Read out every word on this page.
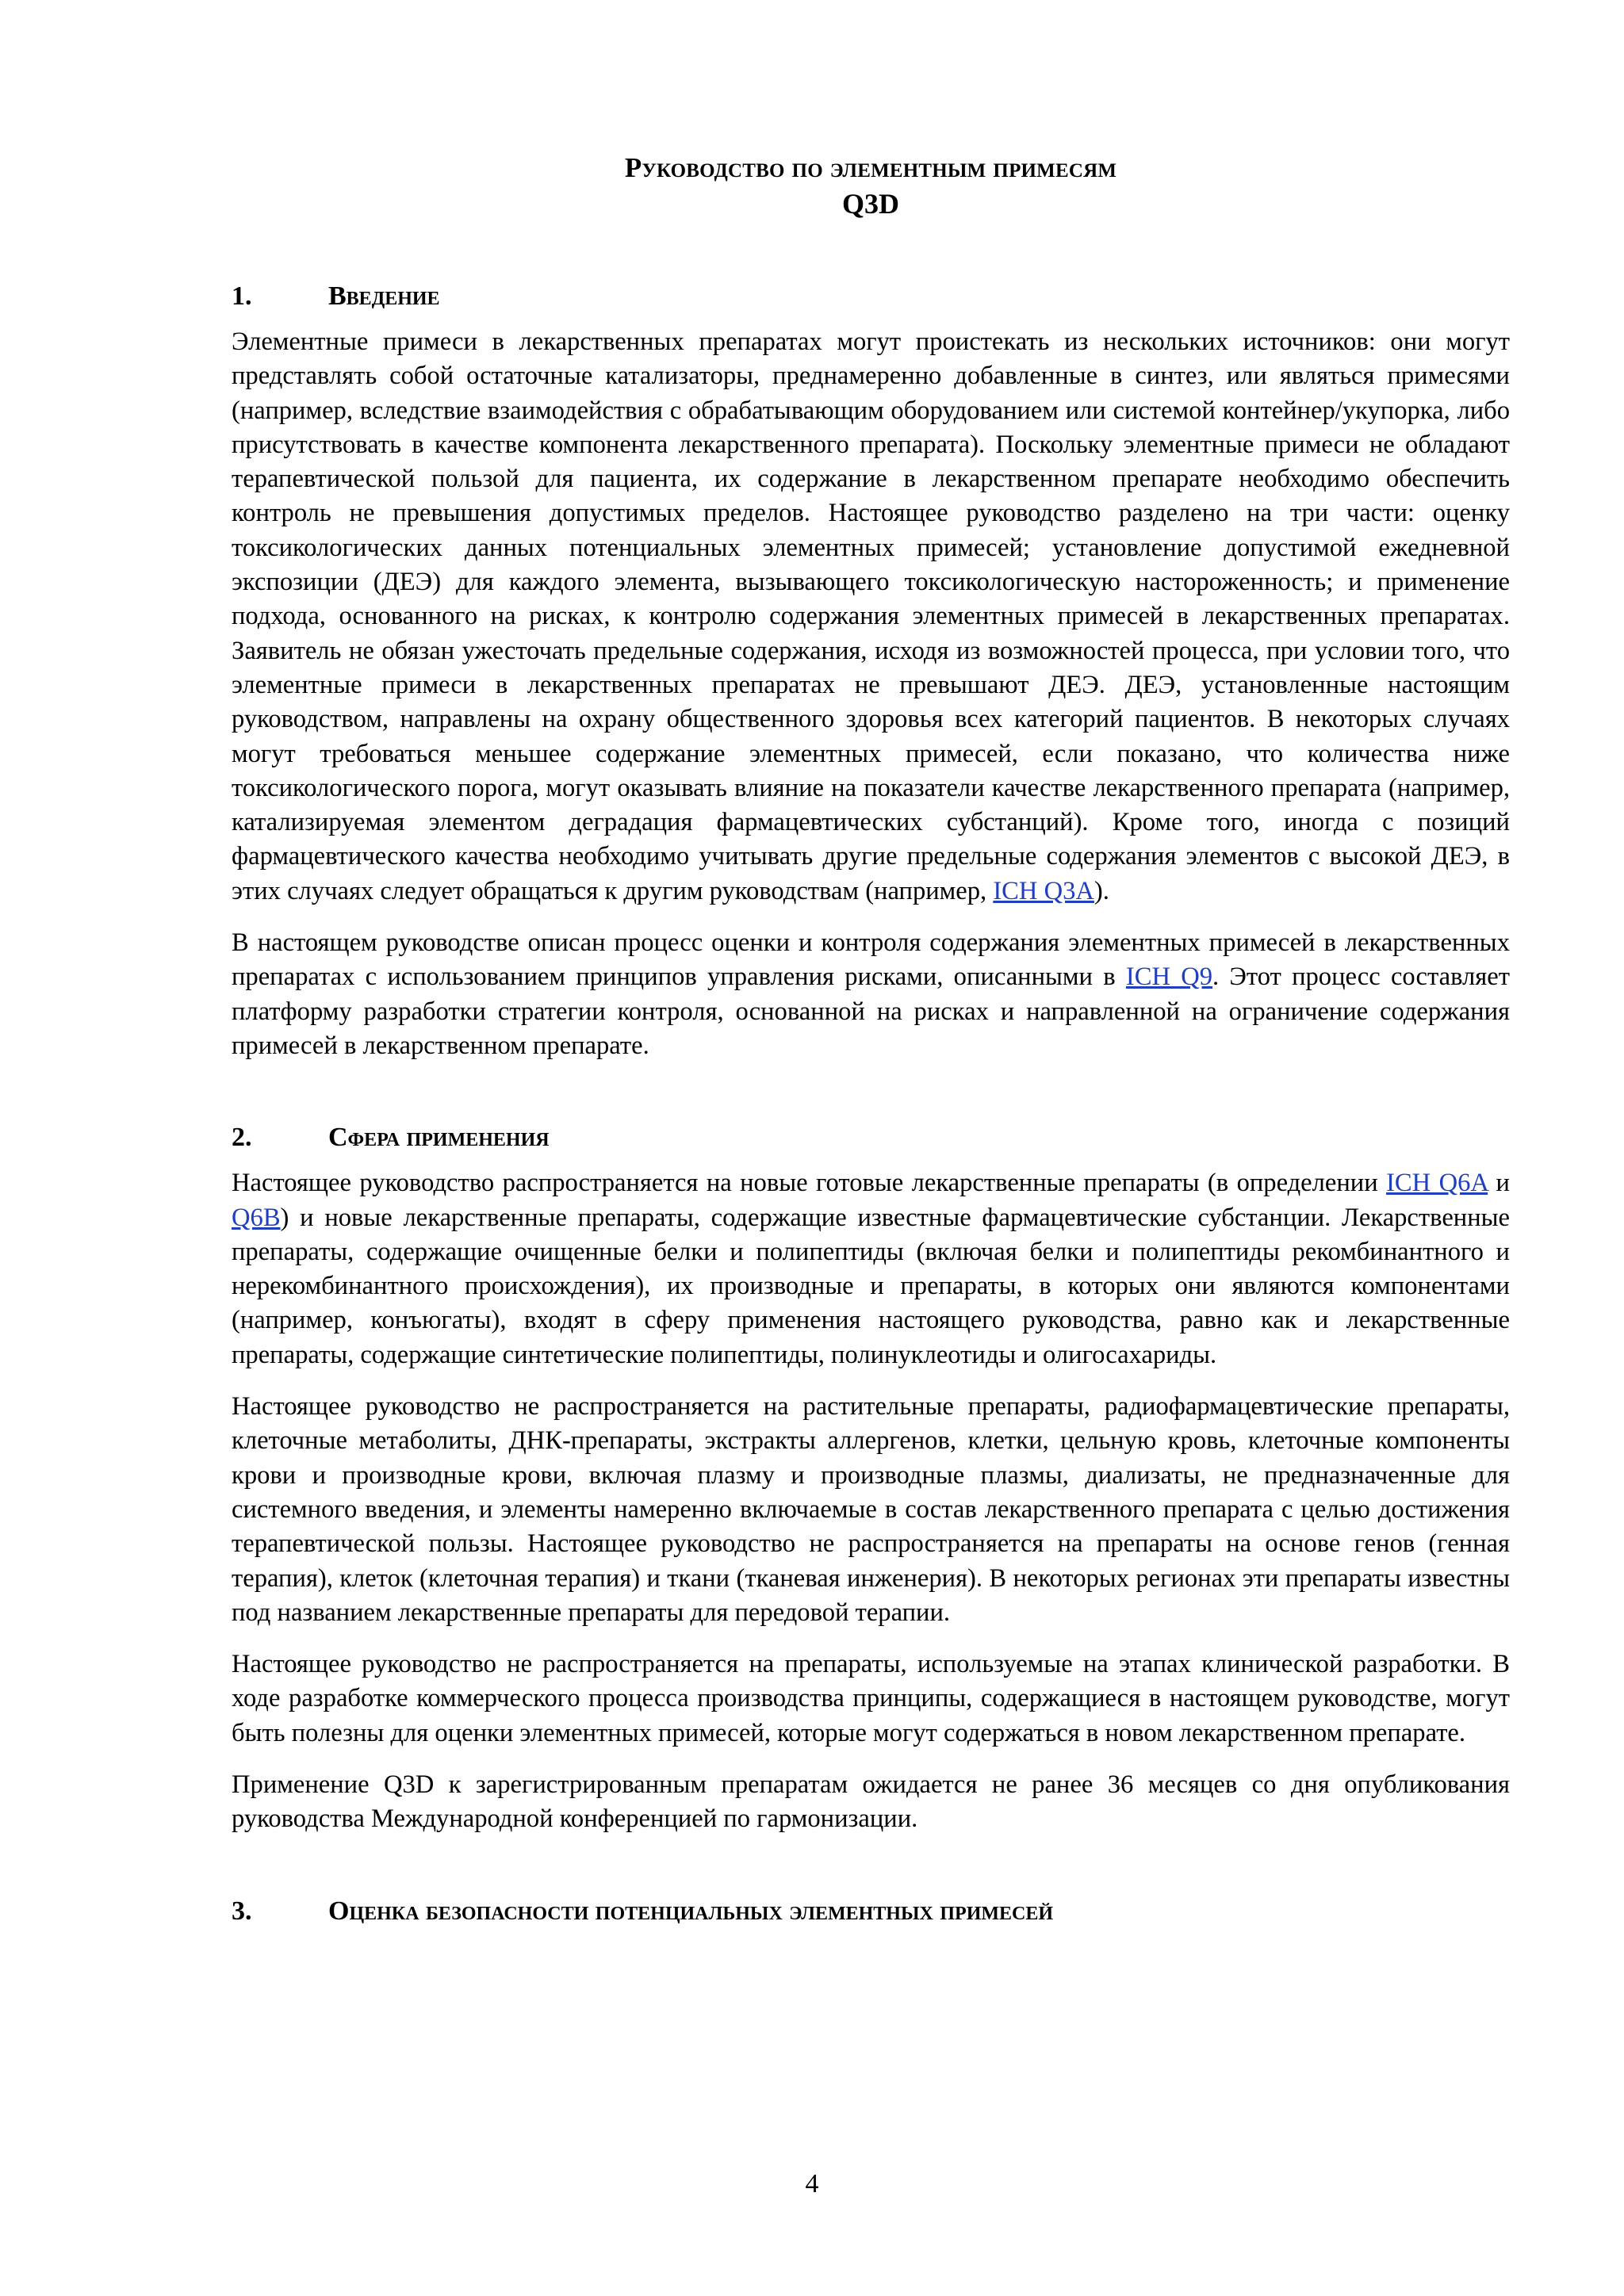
Руководство по элементным примесям
Q3D
1.	Введение

Элементные примеси в лекарственных препаратах могут проистекать из нескольких источников: они могут представлять собой остаточные катализаторы, преднамеренно добавленные в синтез, или являться примесями (например, вследствие взаимодействия с обрабатывающим оборудованием или системой контейнер/укупорка, либо присутствовать в качестве компонента лекарственного препарата). Поскольку элементные примеси не обладают терапевтической пользой для пациента, их содержание в лекарственном препарате необходимо обеспечить контроль не превышения допустимых пределов. Настоящее руководство разделено на три части: оценку токсикологических данных потенциальных элементных примесей; установление допустимой ежедневной экспозиции (ДЕЭ) для каждого элемента, вызывающего токсикологическую настороженность; и применение подхода, основанного на рисках, к контролю содержания элементных примесей в лекарственных препаратах. Заявитель не обязан ужесточать предельные содержания, исходя из возможностей процесса, при условии того, что элементные примеси в лекарственных препаратах не превышают ДЕЭ. ДЕЭ, установленные настоящим руководством, направлены на охрану общественного здоровья всех категорий пациентов. В некоторых случаях могут требоваться меньшее содержание элементных примесей, если показано, что количества ниже токсикологического порога, могут оказывать влияние на показатели качестве лекарственного препарата (например, катализируемая элементом деградация фармацевтических субстанций). Кроме того, иногда с позиций фармацевтического качества необходимо учитывать другие предельные содержания элементов с высокой ДЕЭ, в этих случаях следует обращаться к другим руководствам (например, ICH Q3A).

В настоящем руководстве описан процесс оценки и контроля содержания элементных примесей в лекарственных препаратах с использованием принципов управления рисками, описанными в ICH Q9. Этот процесс составляет платформу разработки стратегии контроля, основанной на рисках и направленной на ограничение содержания примесей в лекарственном препарате.

2.	Сфера применения

Настоящее руководство распространяется на новые готовые лекарственные препараты (в определении ICH Q6A и Q6B) и новые лекарственные препараты, содержащие известные фармацевтические субстанции. Лекарственные препараты, содержащие очищенные белки и полипептиды (включая белки и полипептиды рекомбинантного и нерекомбинантного происхождения), их производные и препараты, в которых они являются компонентами (например, конъюгаты), входят в сферу применения настоящего руководства, равно как и лекарственные препараты, содержащие синтетические полипептиды, полинуклеотиды и олигосахариды.

Настоящее руководство не распространяется на растительные препараты, радиофармацевтические препараты, клеточные метаболиты, ДНК-препараты, экстракты аллергенов, клетки, цельную кровь, клеточные компоненты крови и производные крови, включая плазму и производные плазмы, диализаты, не предназначенные для системного введения, и элементы намеренно включаемые в состав лекарственного препарата с целью достижения терапевтической пользы. Настоящее руководство не распространяется на препараты на основе генов (генная терапия), клеток (клеточная терапия) и ткани (тканевая инженерия). В некоторых регионах эти препараты известны под названием лекарственные препараты для передовой терапии.

Настоящее руководство не распространяется на препараты, используемые на этапах клинической разработки. В ходе разработке коммерческого процесса производства принципы, содержащиеся в настоящем руководстве, могут быть полезны для оценки элементных примесей, которые могут содержаться в новом лекарственном препарате.

Применение Q3D к зарегистрированным препаратам ожидается не ранее 36 месяцев со дня опубликования руководства Международной конференцией по гармонизации.

3.	Оценка безопасности потенциальных элементных примесей
4
